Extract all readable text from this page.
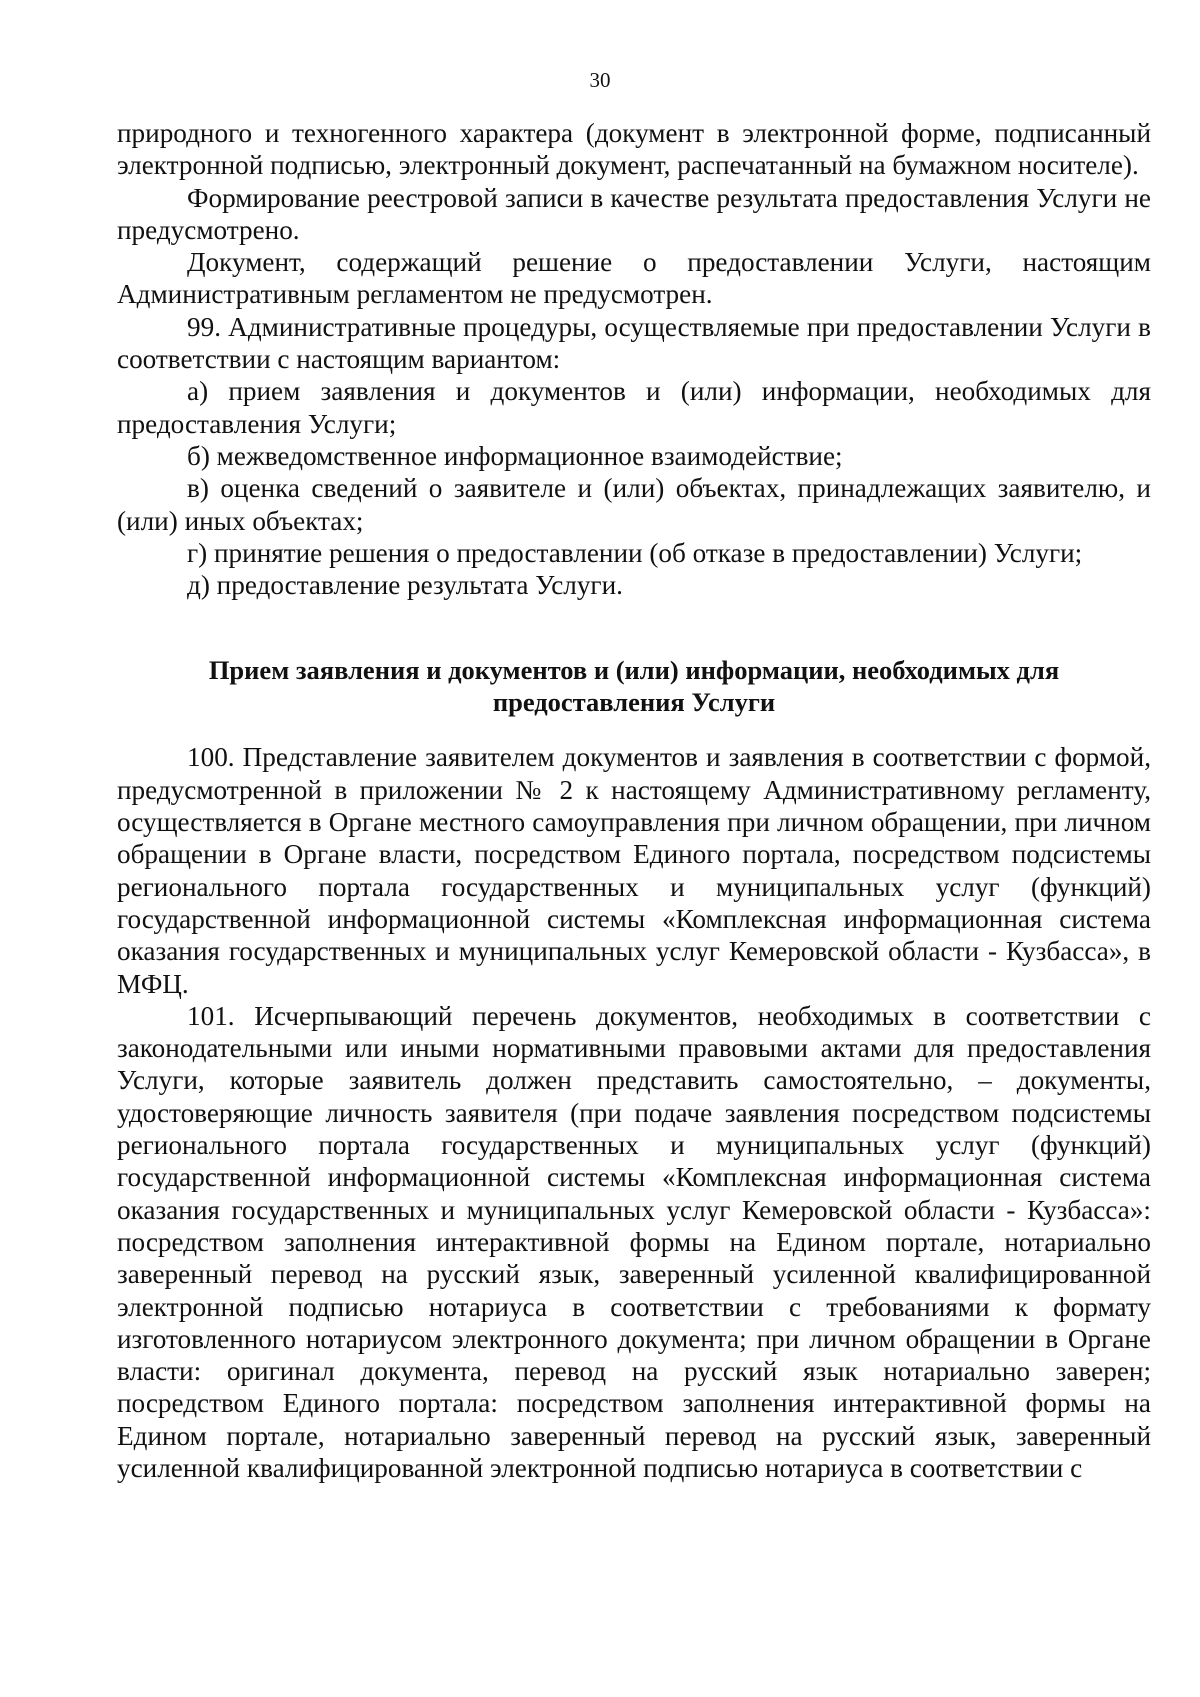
30

природного и техногенного характера (документ в электронной форме, подписанный электронной подписью, электронный документ, распечатанный на бумажном носителе).

Формирование реестровой записи в качестве результата предоставления Услуги не предусмотрено.

Документ, содержащий решение о предоставлении Услуги, настоящим Административным регламентом не предусмотрен.

99. Административные процедуры, осуществляемые при предоставлении Услуги в соответствии с настоящим вариантом:

а) прием заявления и документов и (или) информации, необходимых для предоставления Услуги;

б) межведомственное информационное взаимодействие;

в) оценка сведений о заявителе и (или) объектах, принадлежащих заявителю, и (или) иных объектах;

г) принятие решения о предоставлении (об отказе в предоставлении) Услуги;

д) предоставление результата Услуги.

Прием заявления и документов и (или) информации, необходимых для
предоставления Услуги

100. Представление заявителем документов и заявления в соответствии с формой, предусмотренной в приложении № 2 к настоящему Административному регламенту, осуществляется в Органе местного самоуправления при личном обращении, при личном обращении в Органе власти, посредством Единого портала, посредством подсистемы регионального портала государственных и муниципальных услуг (функций) государственной информационной системы «Комплексная информационная система оказания государственных и муниципальных услуг Кемеровской области - Кузбасса», в МФЦ.

101. Исчерпывающий перечень документов, необходимых в соответствии с законодательными или иными нормативными правовыми актами для предоставления Услуги, которые заявитель должен представить самостоятельно, – документы, удостоверяющие личность заявителя (при подаче заявления посредством подсистемы регионального портала государственных и муниципальных услуг (функций) государственной информационной системы «Комплексная информационная система оказания государственных и муниципальных услуг Кемеровской области - Кузбасса»: посредством заполнения интерактивной формы на Едином портале, нотариально заверенный перевод на русский язык, заверенный усиленной квалифицированной электронной подписью нотариуса в соответствии с требованиями к формату изготовленного нотариусом электронного документа; при личном обращении в Органе власти: оригинал документа, перевод на русский язык нотариально заверен; посредством Единого портала: посредством заполнения интерактивной формы на Едином портале, нотариально заверенный перевод на русский язык, заверенный усиленной квалифицированной электронной подписью нотариуса в соответствии с
